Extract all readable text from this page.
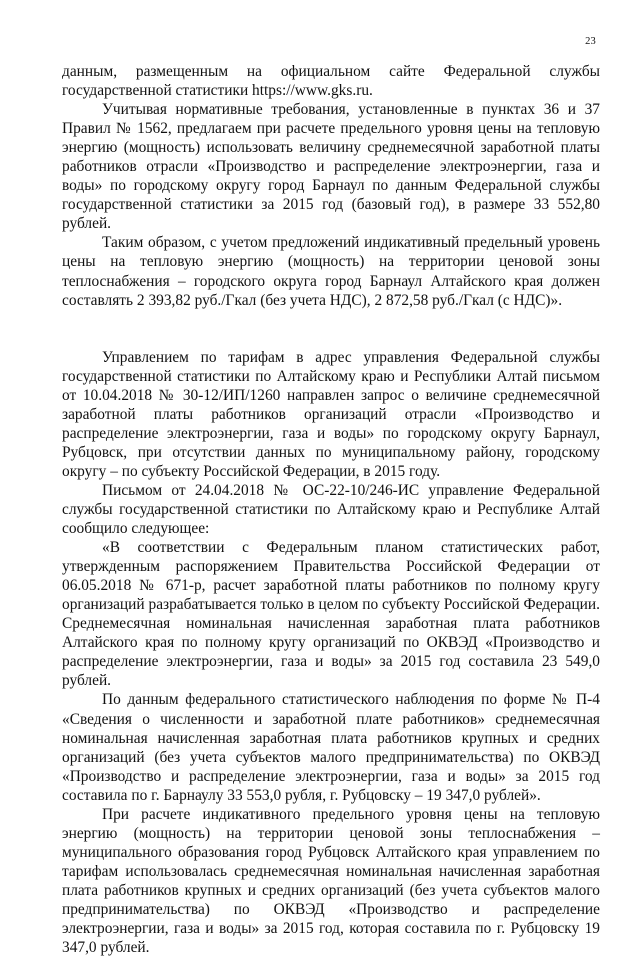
23

данным, размещенным на официальном сайте Федеральной службы государственной статистики https://www.gks.ru.

Учитывая нормативные требования, установленные в пунктах 36 и 37 Правил № 1562, предлагаем при расчете предельного уровня цены на тепловую энергию (мощность) использовать величину среднемесячной заработной платы работников отрасли «Производство и распределение электроэнергии, газа и воды» по городскому округу город Барнаул по данным Федеральной службы государственной статистики за 2015 год (базовый год), в размере 33 552,80 рублей.

Таким образом, с учетом предложений индикативный предельный уровень цены на тепловую энергию (мощность) на территории ценовой зоны теплоснабжения – городского округа город Барнаул Алтайского края должен составлять 2 393,82 руб./Гкал (без учета НДС), 2 872,58 руб./Гкал (с НДС)».

Управлением по тарифам в адрес управления Федеральной службы государственной статистики по Алтайскому краю и Республики Алтай письмом от 10.04.2018 № 30-12/ИП/1260 направлен запрос о величине среднемесячной заработной платы работников организаций отрасли «Производство и распределение электроэнергии, газа и воды» по городскому округу Барнаул, Рубцовск, при отсутствии данных по муниципальному району, городскому округу – по субъекту Российской Федерации, в 2015 году.

Письмом от 24.04.2018 № ОС-22-10/246-ИС управление Федеральной службы государственной статистики по Алтайскому краю и Республике Алтай сообщило следующее:

«В соответствии с Федеральным планом статистических работ, утвержденным распоряжением Правительства Российской Федерации от 06.05.2018 № 671-р, расчет заработной платы работников по полному кругу организаций разрабатывается только в целом по субъекту Российской Федерации. Среднемесячная номинальная начисленная заработная плата работников Алтайского края по полному кругу организаций по ОКВЭД «Производство и распределение электроэнергии, газа и воды» за 2015 год составила 23 549,0 рублей.

По данным федерального статистического наблюдения по форме № П-4 «Сведения о численности и заработной плате работников» среднемесячная номинальная начисленная заработная плата работников крупных и средних организаций (без учета субъектов малого предпринимательства) по ОКВЭД «Производство и распределение электроэнергии, газа и воды» за 2015 год составила по г. Барнаулу 33 553,0 рубля, г. Рубцовску – 19 347,0 рублей».

При расчете индикативного предельного уровня цены на тепловую энергию (мощность) на территории ценовой зоны теплоснабжения – муниципального образования город Рубцовск Алтайского края управлением по тарифам использовалась среднемесячная номинальная начисленная заработная плата работников крупных и средних организаций (без учета субъектов малого предпринимательства) по ОКВЭД «Производство и распределение электроэнергии, газа и воды» за 2015 год, которая составила по г. Рубцовску 19 347,0 рублей.
